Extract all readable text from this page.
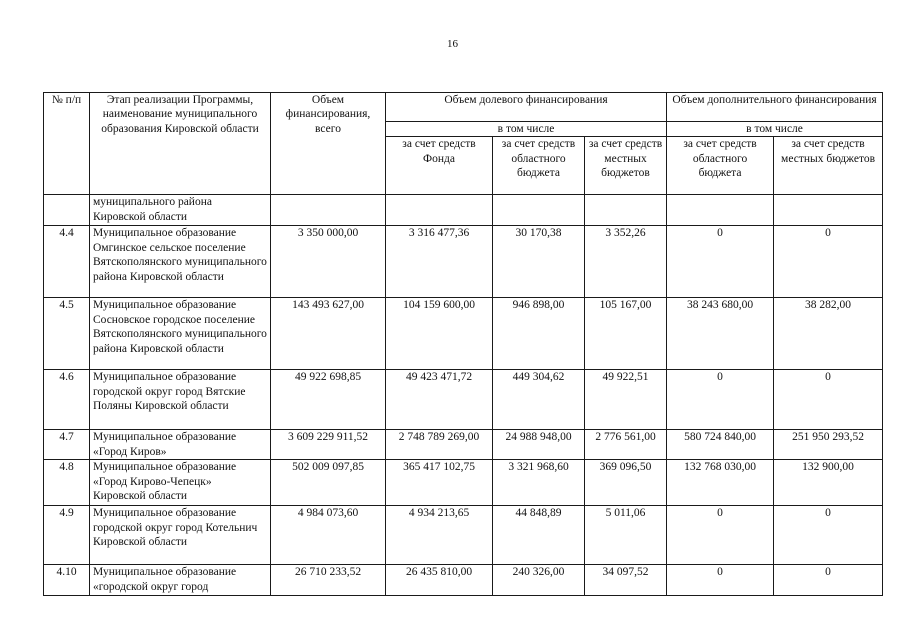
16
№ п/п	Этап реализации Программы, наименование муниципального образования Кировской области	Объем финансирования, всего	Объем долевого финансирования			Объем дополнительного финансирования	
			в том числе			в том числе	
			за счет средств Фонда	за счет средств областного бюджета	за счет средств местных бюджетов	за счет средств областного бюджета	за счет средств местных бюджетов
	муниципального района Кировской области						
4.4	Муниципальное образование Омгинское сельское поселение Вятскополянского муниципального района Кировской области	3 350 000,00	3 316 477,36	30 170,38	3 352,26	0	0
4.5	Муниципальное образование Сосновское городское поселение Вятскополянского муниципального района Кировской области	143 493 627,00	104 159 600,00	946 898,00	105 167,00	38 243 680,00	38 282,00
4.6	Муниципальное образование городской округ город Вятские Поляны Кировской области	49 922 698,85	49 423 471,72	449 304,62	49 922,51	0	0
4.7	Муниципальное образование «Город Киров»	3 609 229 911,52	2 748 789 269,00	24 988 948,00	2 776 561,00	580 724 840,00	251 950 293,52
4.8	Муниципальное образование «Город Кирово-Чепецк» Кировской области	502 009 097,85	365 417 102,75	3 321 968,60	369 096,50	132 768 030,00	132 900,00
4.9	Муниципальное образование городской округ город Котельнич Кировской области	4 984 073,60	4 934 213,65	44 848,89	5 011,06	0	0
4.10	Муниципальное образование «городской округ город	26 710 233,52	26 435 810,00	240 326,00	34 097,52	0	0
